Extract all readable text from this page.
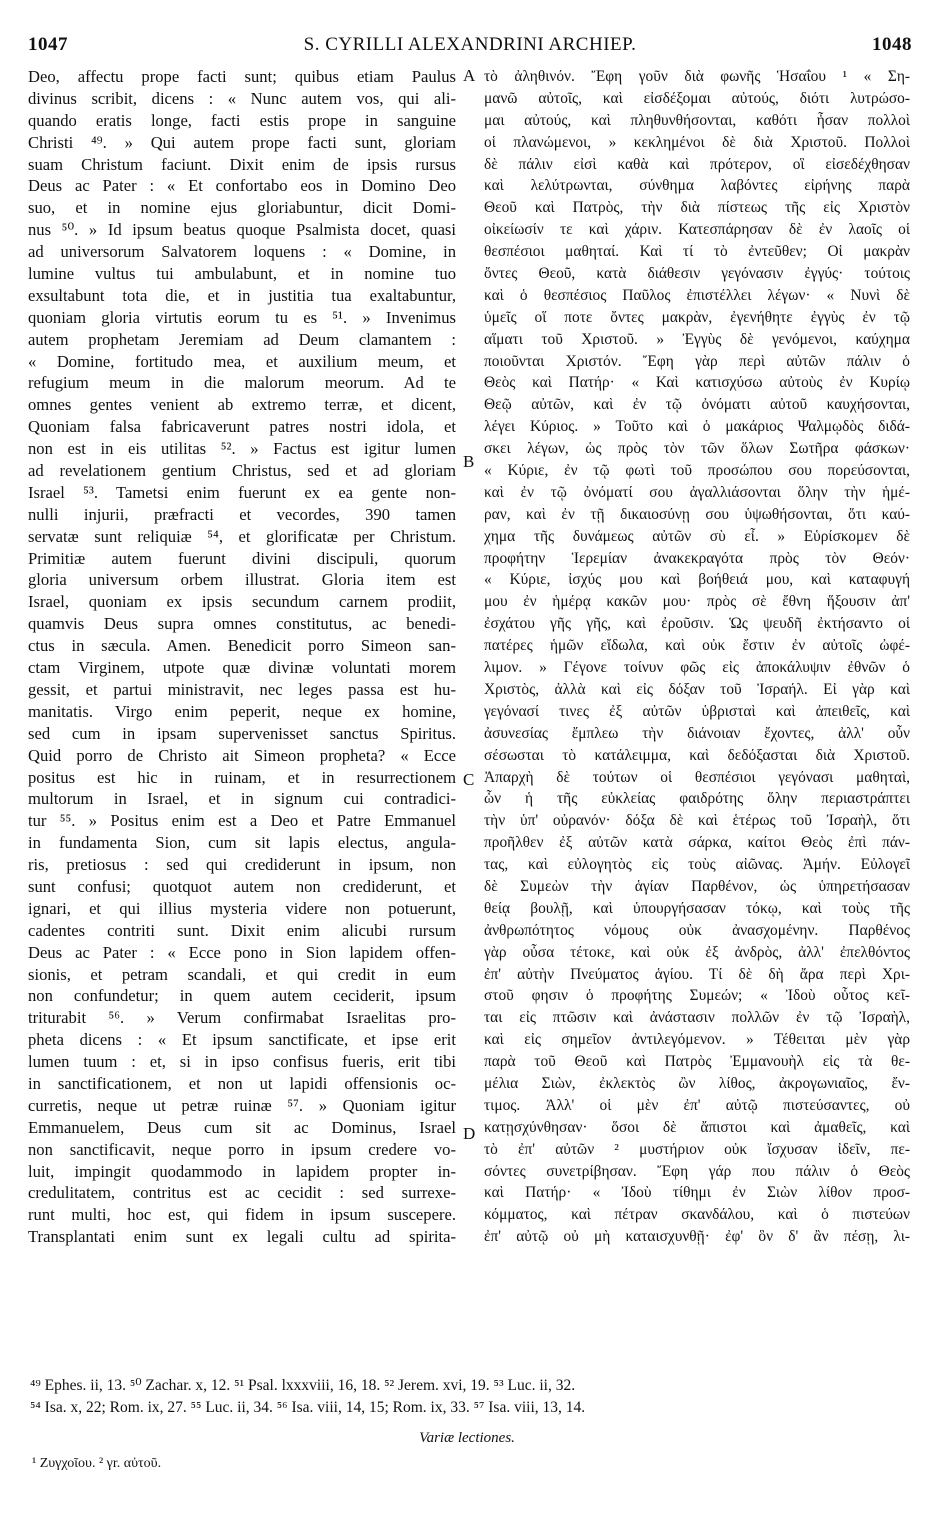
1047	S. CYRILLI ALEXANDRINI ARCHIEP.	1048
Deo, affectu prope facti sunt; quibus etiam Paulus
divinus scribit, dicens : « Nunc autem vos, qui ali-
quando eratis longe, facti estis prope in sanguine
Christi ⁴⁹. » Qui autem prope facti sunt, gloriam
suam Christum faciunt. Dixit enim de ipsis rursus
Deus ac Pater : « Et confortabo eos in Domino Deo
suo, et in nomine ejus gloriabuntur, dicit Domi-
nus ⁵⁰. » Id ipsum beatus quoque Psalmista docet, quasi
ad universorum Salvatorem loquens : « Domine, in
lumine vultus tui ambulabunt, et in nomine tuo
exsultabunt tota die, et in justitia tua exaltabuntur,
quoniam gloria virtutis eorum tu es ⁵¹. » Invenimus
autem prophetam Jeremiam ad Deum clamantem :
« Domine, fortitudo mea, et auxilium meum, et
refugium meum in die malorum meorum. Ad te
omnes gentes venient ab extremo terræ, et dicent,
Quoniam falsa fabricaverunt patres nostri idola, et
non est in eis utilitas ⁵². » Factus est igitur lumen
ad revelationem gentium Christus, sed et ad gloriam
Israel ⁵³. Tametsi enim fuerunt ex ea gente non-
nulli injurii, præfracti et vecordes, 390 tamen
servatæ sunt reliquiæ ⁵⁴, et glorificatæ per Christum.
Primitiæ autem fuerunt divini discipuli, quorum
gloria universum orbem illustrat. Gloria item est
Israel, quoniam ex ipsis secundum carnem prodiit,
quamvis Deus supra omnes constitutus, ac benedi-
ctus in sæcula. Amen. Benedicit porro Simeon san-
ctam Virginem, utpote quæ divinæ voluntati morem
gessit, et partui ministravit, nec leges passa est hu-
manitatis. Virgo enim peperit, neque ex homine,
sed cum in ipsam supervenisset sanctus Spiritus.
Quid porro de Christo ait Simeon propheta? « Ecce
positus est hic in ruinam, et in resurrectionem
multorum in Israel, et in signum cui contradici-
tur ⁵⁵. » Positus enim est a Deo et Patre Emmanuel
in fundamenta Sion, cum sit lapis electus, angula-
ris, pretiosus : sed qui crediderunt in ipsum, non
sunt confusi; quotquot autem non crediderunt, et
ignari, et qui illius mysteria videre non potuerunt,
cadentes contriti sunt. Dixit enim alicubi rursum
Deus ac Pater : « Ecce pono in Sion lapidem offen-
sionis, et petram scandali, et qui credit in eum
non confundetur; in quem autem ceciderit, ipsum
triturabit ⁵⁶. » Verum confirmabat Israelitas pro-
pheta dicens : « Et ipsum sanctificate, et ipse erit
lumen tuum : et, si in ipso confisus fueris, erit tibi
in sanctificationem, et non ut lapidi offensionis oc-
curretis, neque ut petræ ruinæ ⁵⁷. » Quoniam igitur
Emmanuelem, Deus cum sit ac Dominus, Israel
non sanctificavit, neque porro in ipsum credere vo-
luit, impingit quodammodo in lapidem propter in-
credulitatem, contritus est ac cecidit : sed surrexe-
runt multi, hoc est, qui fidem in ipsum suscepere.
Transplantati enim sunt ex legali cultu ad spirita-
τὸ ἀληθινόν. Ἔφη γοῦν διὰ φωνῆς Ἡσαΐου ¹ « Ση-
μανῶ αὐτοῖς, καὶ εἰσδέξομαι αὐτούς, διότι λυτρώσο-
μαι αὐτούς, καὶ πληθυνθήσονται, καθότι ἦσαν πολλοὶ
οἱ πλανώμενοι, » κεκλημένοι δὲ διὰ Χριστοῦ. Πολλοὶ
δὲ πάλιν εἰσὶ καθὰ καὶ πρότερον, οἳ εἰσεδέχθησαν
καὶ λελύτρωνται, σύνθημα λαβόντες εἰρήνης παρὰ
Θεοῦ καὶ Πατρὸς, τὴν διὰ πίστεως τῆς εἰς Χριστὸν
οἰκείωσίν τε καὶ χάριν. Κατεσπάρησαν δὲ ἐν λαοῖς οἱ
θεσπέσιοι μαθηταί. Καὶ τί τὸ ἐντεῦθεν; Οἱ μακρὰν
ὄντες Θεοῦ, κατὰ διάθεσιν γεγόνασιν ἐγγύς· τούτοις
καὶ ὁ θεσπέσιος Παῦλος ἐπιστέλλει λέγων· « Νυνὶ δὲ
ὑμεῖς οἵ ποτε ὄντες μακρὰν, ἐγενήθητε ἐγγὺς ἐν τῷ
αἵματι τοῦ Χριστοῦ. » Ἐγγὺς δὲ γενόμενοι, καύχημα
ποιοῦνται Χριστόν. Ἔφη γὰρ περὶ αὐτῶν πάλιν ὁ
Θεὸς καὶ Πατήρ· « Καὶ κατισχύσω αὐτοὺς ἐν Κυρίῳ
Θεῷ αὐτῶν, καὶ ἐν τῷ ὀνόματι αὐτοῦ καυχήσονται,
λέγει Κύριος. » Τοῦτο καὶ ὁ μακάριος Ψαλμῳδὸς διδά-
σκει λέγων, ὡς πρὸς τὸν τῶν ὅλων Σωτῆρα φάσκων·
« Κύριε, ἐν τῷ φωτὶ τοῦ προσώπου σου πορεύσονται,
καὶ ἐν τῷ ὀνόματί σου ἀγαλλιάσονται ὅλην τὴν ἡμέ-
ραν, καὶ ἐν τῇ δικαιοσύνῃ σου ὑψωθήσονται, ὅτι καύ-
χημα τῆς δυνάμεως αὐτῶν σὺ εἶ. » Εὑρίσκομεν δὲ
προφήτην Ἱερεμίαν ἀνακεκραγότα πρὸς τὸν Θεόν·
« Κύριε, ἰσχύς μου καὶ βοήθειά μου, καὶ καταφυγή
μου ἐν ἡμέρᾳ κακῶν μου· πρὸς σὲ ἔθνη ἥξουσιν ἀπ'
ἐσχάτου γῆς γῆς, καὶ ἐροῦσιν. Ὡς ψευδῆ ἐκτήσαντο οἱ
πατέρες ἡμῶν εἴδωλα, καὶ οὐκ ἔστιν ἐν αὐτοῖς ὠφέ-
λιμον. » Γέγονε τοίνυν φῶς εἰς ἀποκάλυψιν ἐθνῶν ὁ
Χριστὸς, ἀλλὰ καὶ εἰς δόξαν τοῦ Ἰσραήλ. Εἰ γὰρ καὶ
γεγόνασί τινες ἐξ αὐτῶν ὑβρισταὶ καὶ ἀπειθεῖς, καὶ
ἀσυνεσίας ἔμπλεω τὴν διάνοιαν ἔχοντες, ἀλλ' οὖν
σέσωσται τὸ κατάλειμμα, καὶ δεδόξασται διὰ Χριστοῦ.
Ἀπαρχὴ δὲ τούτων οἱ θεσπέσιοι γεγόνασι μαθηταὶ,
ὧν ἡ τῆς εὐκλείας φαιδρότης ὅλην περιαστράπτει
τὴν ὑπ' οὐρανόν· δόξα δὲ καὶ ἑτέρως τοῦ Ἰσραὴλ, ὅτι
προῆλθεν ἐξ αὐτῶν κατὰ σάρκα, καίτοι Θεὸς ἐπὶ πάν-
τας, καὶ εὐλογητὸς εἰς τοὺς αἰῶνας. Ἀμήν. Εὐλογεῖ
δὲ Συμεὼν τὴν ἁγίαν Παρθένον, ὡς ὑπηρετήσασαν
θείᾳ βουλῇ, καὶ ὑπουργήσασαν τόκῳ, καὶ τοὺς τῆς
ἀνθρωπότητος νόμους οὐκ ἀνασχομένην. Παρθένος
γὰρ οὖσα τέτοκε, καὶ οὐκ ἐξ ἀνδρὸς, ἀλλ' ἐπελθόντος
ἐπ' αὐτὴν Πνεύματος ἁγίου. Τί δὲ δὴ ἄρα περὶ Χρι-
στοῦ φησιν ὁ προφήτης Συμεών; « Ἰδοὺ οὗτος κεῖ-
ται εἰς πτῶσιν καὶ ἀνάστασιν πολλῶν ἐν τῷ Ἰσραὴλ,
καὶ εἰς σημεῖον ἀντιλεγόμενον. » Τέθειται μὲν γὰρ
παρὰ τοῦ Θεοῦ καὶ Πατρὸς Ἐμμανουὴλ εἰς τὰ θε-
μέλια Σιὼν, ἐκλεκτὸς ὢν λίθος, ἀκρογωνιαῖος, ἔν-
τιμος. Ἀλλ' οἱ μὲν ἐπ' αὐτῷ πιστεύσαντες, οὐ
κατῃσχύνθησαν· ὅσοι δὲ ἄπιστοι καὶ ἀμαθεῖς, καὶ
τὸ ἐπ' αὐτῶν ² μυστήριον οὐκ ἴσχυσαν ἰδεῖν, πε-
σόντες συνετρίβησαν. Ἔφη γάρ που πάλιν ὁ Θεὸς
καὶ Πατήρ· « Ἰδοὺ τίθημι ἐν Σιὼν λίθον προσ-
κόμματος, καὶ πέτραν σκανδάλου, καὶ ὁ πιστεύων
ἐπ' αὐτῷ οὐ μὴ καταισχυνθῇ· ἐφ' ὃν δ' ἂν πέσῃ, λι-
A
B
C
D
⁴⁹ Ephes. ii, 13. ⁵⁰ Zachar. x, 12. ⁵¹ Psal. lxxxviii, 16, 18. ⁵² Jerem. xvi, 19. ⁵³ Luc. ii, 32.
⁵⁴ Isa. x, 22; Rom. ix, 27. ⁵⁵ Luc. ii, 34. ⁵⁶ Isa. viii, 14, 15; Rom. ix, 33. ⁵⁷ Isa. viii, 13, 14.
Variæ lectiones.
¹ Ζυγχοῖου. ² γr. αὐτοῦ.
